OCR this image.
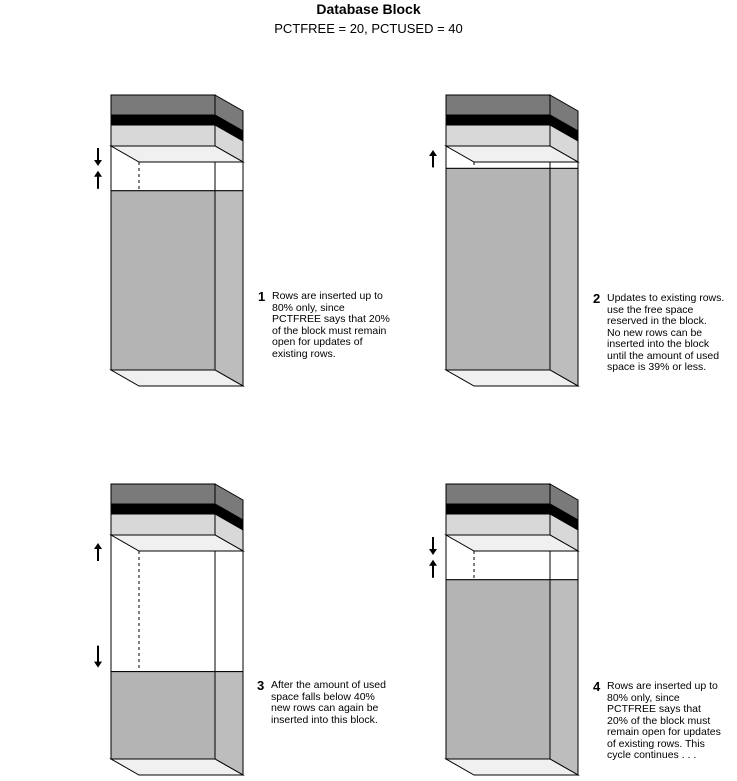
Database Block
PCTFREE = 20, PCTUSED = 40
1 Rows are inserted up to
80% only, since
PCTFREE says that 20%
of the block must remain
open for updates of
existing rows.
2 Updates to existing rows.
use the free space
reserved in the block.
No new rows can be
inserted into the block
until the amount of used
space is 39% or less.
3 After the amount of used
space falls below 40%
new rows can again be
inserted into this block.
4 Rows are inserted up to
80% only, since
PCTFREE says that
20% of the block must
remain open for updates
of existing rows. This
cycle continues . . .
